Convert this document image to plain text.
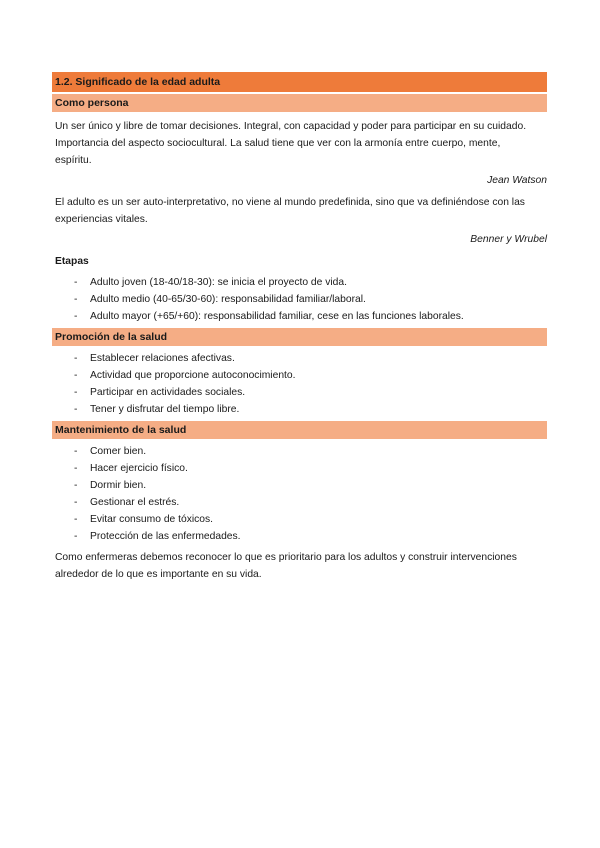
1.2. Significado de la edad adulta
Como persona

Un ser único y libre de tomar decisiones. Integral, con capacidad y poder para participar en su cuidado. Importancia del aspecto sociocultural. La salud tiene que ver con la armonía entre cuerpo, mente, espíritu.

Jean Watson

El adulto es un ser auto-interpretativo, no viene al mundo predefinida, sino que va definiéndose con las experiencias vitales.

Benner y Wrubel

Etapas
- Adulto joven (18-40/18-30): se inicia el proyecto de vida.
- Adulto medio (40-65/30-60): responsabilidad familiar/laboral.
- Adulto mayor (+65/+60): responsabilidad familiar, cese en las funciones laborales.
Promoción de la salud
- Establecer relaciones afectivas.
- Actividad que proporcione autoconocimiento.
- Participar en actividades sociales.
- Tener y disfrutar del tiempo libre.
Mantenimiento de la salud
- Comer bien.
- Hacer ejercicio físico.
- Dormir bien.
- Gestionar el estrés.
- Evitar consumo de tóxicos.
- Protección de las enfermedades.

Como enfermeras debemos reconocer lo que es prioritario para los adultos y construir intervenciones alrededor de lo que es importante en su vida.
